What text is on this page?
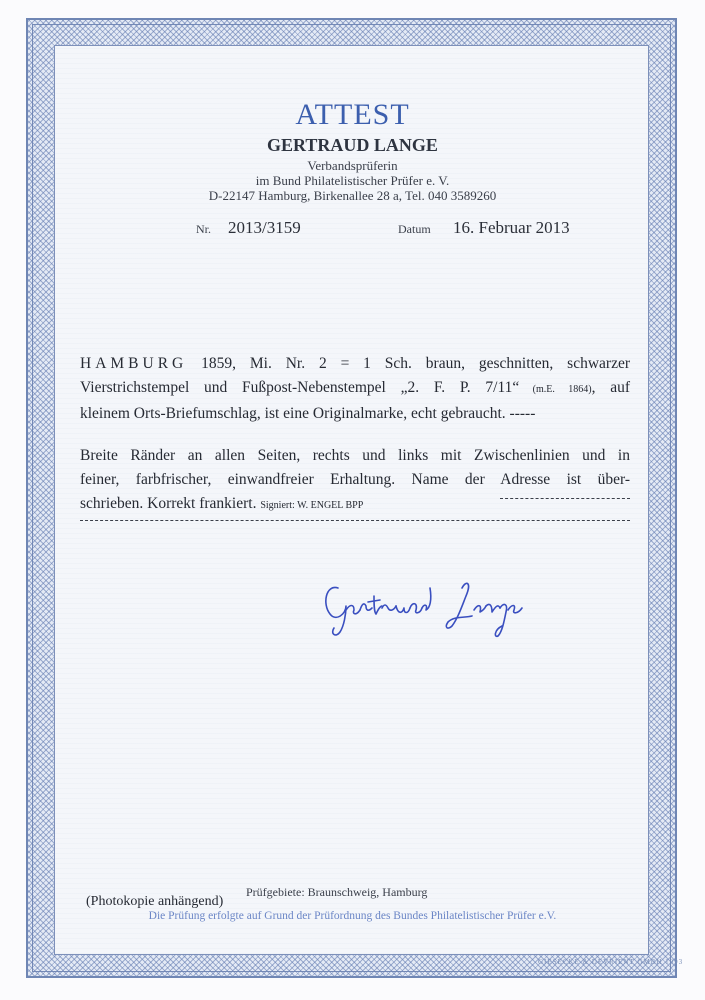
ATTEST
GERTRAUD LANGE
Verbandsprüferin
im Bund Philatelistischer Prüfer e. V.
D-22147 Hamburg, Birkenallee 28 a, Tel. 040 3589260
Nr. 2013/3159	Datum 16. Februar 2013
HAMBURG 1859, Mi. Nr. 2 = 1 Sch. braun, geschnitten, schwarzer
Vierstrichstempel und Fußpost-Nebenstempel „2. F. P. 7/11“ (m.E. 1864), auf
kleinem Orts-Briefumschlag, ist eine Originalmarke, echt gebraucht. -----
Breite Ränder an allen Seiten, rechts und links mit Zwischenlinien und in
feiner, farbfrischer, einwandfreier Erhaltung. Name der Adresse ist über-
schrieben. Korrekt frankiert. Signiert: W. ENGEL BPP
Prüfgebiete: Braunschweig, Hamburg
(Photokopie anhängend)
Die Prüfung erfolgte auf Grund der Prüfordnung des Bundes Philatelistischer Prüfer e.V.
GIESECKE & DEVRIENT GMBH 1993
